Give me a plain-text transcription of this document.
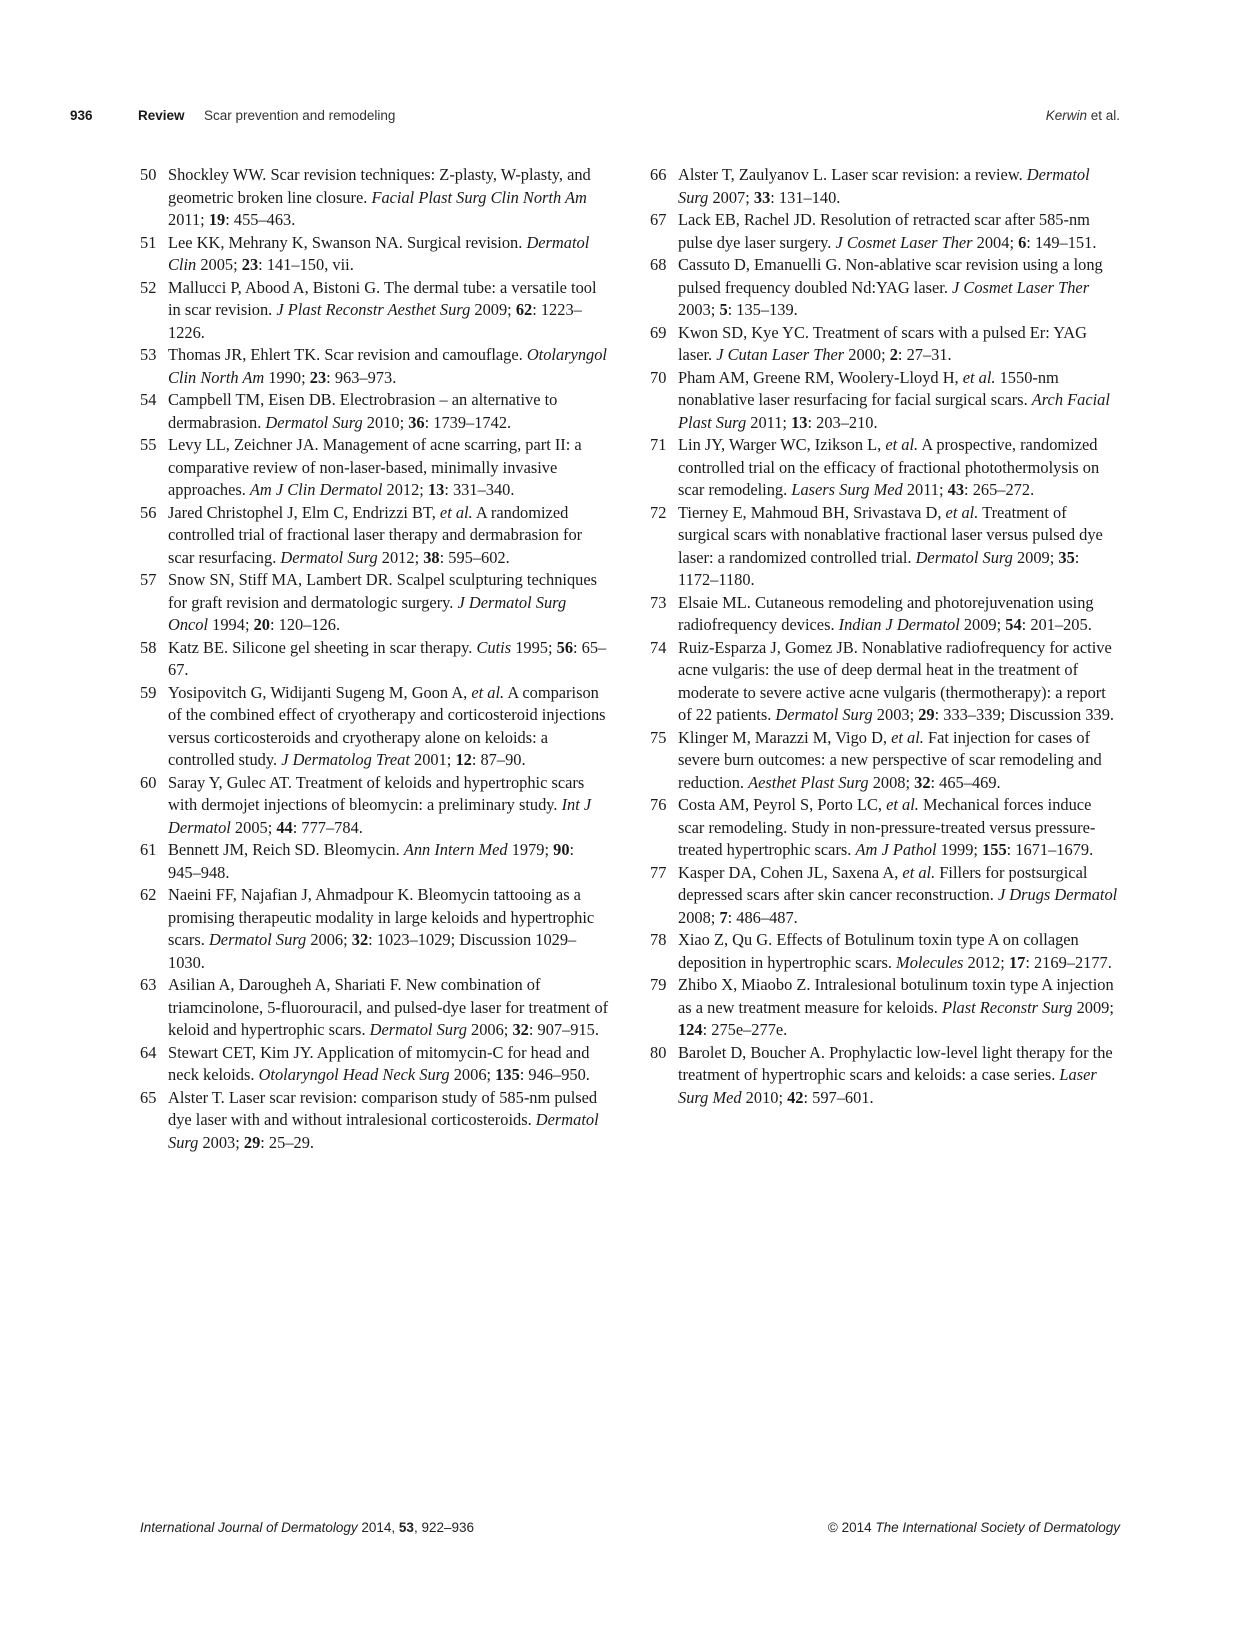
936	Review Scar prevention and remodeling	Kerwin et al.
50 Shockley WW. Scar revision techniques: Z-plasty, W-plasty, and geometric broken line closure. Facial Plast Surg Clin North Am 2011; 19: 455–463.
51 Lee KK, Mehrany K, Swanson NA. Surgical revision. Dermatol Clin 2005; 23: 141–150, vii.
52 Mallucci P, Abood A, Bistoni G. The dermal tube: a versatile tool in scar revision. J Plast Reconstr Aesthet Surg 2009; 62: 1223–1226.
53 Thomas JR, Ehlert TK. Scar revision and camouflage. Otolaryngol Clin North Am 1990; 23: 963–973.
54 Campbell TM, Eisen DB. Electrobrasion – an alternative to dermabrasion. Dermatol Surg 2010; 36: 1739–1742.
55 Levy LL, Zeichner JA. Management of acne scarring, part II: a comparative review of non-laser-based, minimally invasive approaches. Am J Clin Dermatol 2012; 13: 331–340.
56 Jared Christophel J, Elm C, Endrizzi BT, et al. A randomized controlled trial of fractional laser therapy and dermabrasion for scar resurfacing. Dermatol Surg 2012; 38: 595–602.
57 Snow SN, Stiff MA, Lambert DR. Scalpel sculpturing techniques for graft revision and dermatologic surgery. J Dermatol Surg Oncol 1994; 20: 120–126.
58 Katz BE. Silicone gel sheeting in scar therapy. Cutis 1995; 56: 65–67.
59 Yosipovitch G, Widijanti Sugeng M, Goon A, et al. A comparison of the combined effect of cryotherapy and corticosteroid injections versus corticosteroids and cryotherapy alone on keloids: a controlled study. J Dermatolog Treat 2001; 12: 87–90.
60 Saray Y, Gulec AT. Treatment of keloids and hypertrophic scars with dermojet injections of bleomycin: a preliminary study. Int J Dermatol 2005; 44: 777–784.
61 Bennett JM, Reich SD. Bleomycin. Ann Intern Med 1979; 90: 945–948.
62 Naeini FF, Najafian J, Ahmadpour K. Bleomycin tattooing as a promising therapeutic modality in large keloids and hypertrophic scars. Dermatol Surg 2006; 32: 1023–1029; Discussion 1029–1030.
63 Asilian A, Darougheh A, Shariati F. New combination of triamcinolone, 5-fluorouracil, and pulsed-dye laser for treatment of keloid and hypertrophic scars. Dermatol Surg 2006; 32: 907–915.
64 Stewart CET, Kim JY. Application of mitomycin-C for head and neck keloids. Otolaryngol Head Neck Surg 2006; 135: 946–950.
65 Alster T. Laser scar revision: comparison study of 585-nm pulsed dye laser with and without intralesional corticosteroids. Dermatol Surg 2003; 29: 25–29.
66 Alster T, Zaulyanov L. Laser scar revision: a review. Dermatol Surg 2007; 33: 131–140.
67 Lack EB, Rachel JD. Resolution of retracted scar after 585-nm pulse dye laser surgery. J Cosmet Laser Ther 2004; 6: 149–151.
68 Cassuto D, Emanuelli G. Non-ablative scar revision using a long pulsed frequency doubled Nd:YAG laser. J Cosmet Laser Ther 2003; 5: 135–139.
69 Kwon SD, Kye YC. Treatment of scars with a pulsed Er: YAG laser. J Cutan Laser Ther 2000; 2: 27–31.
70 Pham AM, Greene RM, Woolery-Lloyd H, et al. 1550-nm nonablative laser resurfacing for facial surgical scars. Arch Facial Plast Surg 2011; 13: 203–210.
71 Lin JY, Warger WC, Izikson L, et al. A prospective, randomized controlled trial on the efficacy of fractional photothermolysis on scar remodeling. Lasers Surg Med 2011; 43: 265–272.
72 Tierney E, Mahmoud BH, Srivastava D, et al. Treatment of surgical scars with nonablative fractional laser versus pulsed dye laser: a randomized controlled trial. Dermatol Surg 2009; 35: 1172–1180.
73 Elsaie ML. Cutaneous remodeling and photorejuvenation using radiofrequency devices. Indian J Dermatol 2009; 54: 201–205.
74 Ruiz-Esparza J, Gomez JB. Nonablative radiofrequency for active acne vulgaris: the use of deep dermal heat in the treatment of moderate to severe active acne vulgaris (thermotherapy): a report of 22 patients. Dermatol Surg 2003; 29: 333–339; Discussion 339.
75 Klinger M, Marazzi M, Vigo D, et al. Fat injection for cases of severe burn outcomes: a new perspective of scar remodeling and reduction. Aesthet Plast Surg 2008; 32: 465–469.
76 Costa AM, Peyrol S, Porto LC, et al. Mechanical forces induce scar remodeling. Study in non-pressure-treated versus pressure-treated hypertrophic scars. Am J Pathol 1999; 155: 1671–1679.
77 Kasper DA, Cohen JL, Saxena A, et al. Fillers for postsurgical depressed scars after skin cancer reconstruction. J Drugs Dermatol 2008; 7: 486–487.
78 Xiao Z, Qu G. Effects of Botulinum toxin type A on collagen deposition in hypertrophic scars. Molecules 2012; 17: 2169–2177.
79 Zhibo X, Miaobo Z. Intralesional botulinum toxin type A injection as a new treatment measure for keloids. Plast Reconstr Surg 2009; 124: 275e–277e.
80 Barolet D, Boucher A. Prophylactic low-level light therapy for the treatment of hypertrophic scars and keloids: a case series. Laser Surg Med 2010; 42: 597–601.
International Journal of Dermatology 2014, 53, 922–936	© 2014 The International Society of Dermatology
